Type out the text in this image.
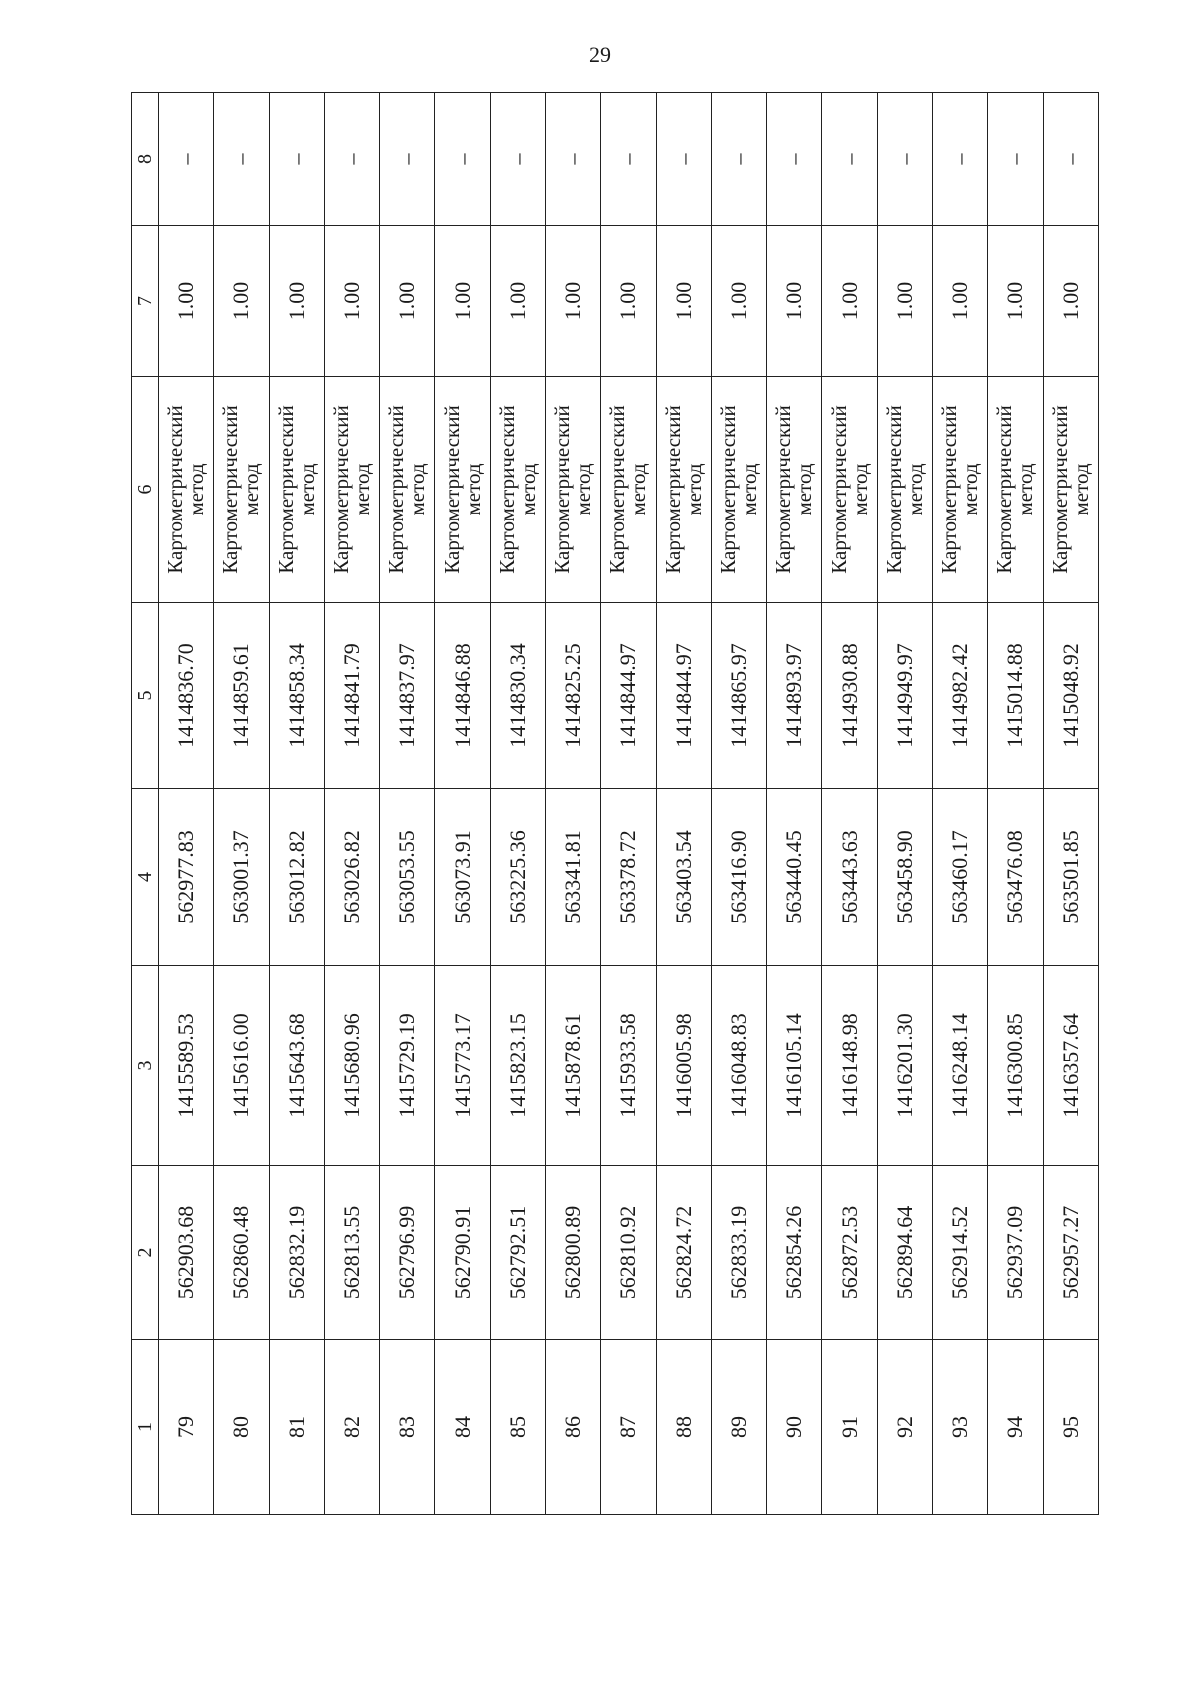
29
1	2	3	4	5	6	7	8
79	562903.68	1415589.53	562977.83	1414836.70	Картометрический метод	1.00	–
80	562860.48	1415616.00	563001.37	1414859.61	Картометрический метод	1.00	–
81	562832.19	1415643.68	563012.82	1414858.34	Картометрический метод	1.00	–
82	562813.55	1415680.96	563026.82	1414841.79	Картометрический метод	1.00	–
83	562796.99	1415729.19	563053.55	1414837.97	Картометрический метод	1.00	–
84	562790.91	1415773.17	563073.91	1414846.88	Картометрический метод	1.00	–
85	562792.51	1415823.15	563225.36	1414830.34	Картометрический метод	1.00	–
86	562800.89	1415878.61	563341.81	1414825.25	Картометрический метод	1.00	–
87	562810.92	1415933.58	563378.72	1414844.97	Картометрический метод	1.00	–
88	562824.72	1416005.98	563403.54	1414844.97	Картометрический метод	1.00	–
89	562833.19	1416048.83	563416.90	1414865.97	Картометрический метод	1.00	–
90	562854.26	1416105.14	563440.45	1414893.97	Картометрический метод	1.00	–
91	562872.53	1416148.98	563443.63	1414930.88	Картометрический метод	1.00	–
92	562894.64	1416201.30	563458.90	1414949.97	Картометрический метод	1.00	–
93	562914.52	1416248.14	563460.17	1414982.42	Картометрический метод	1.00	–
94	562937.09	1416300.85	563476.08	1415014.88	Картометрический метод	1.00	–
95	562957.27	1416357.64	563501.85	1415048.92	Картометрический метод	1.00	–
